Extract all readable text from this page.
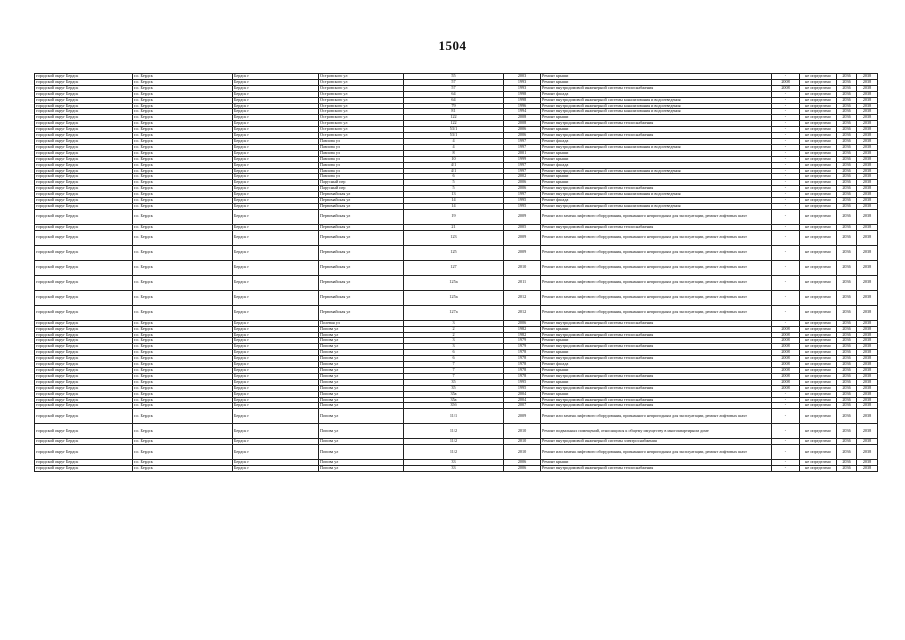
1504
городской округ Бердск	г.о. Бердск	Бердск г	Островского ул	55	2003	Ремонт крыши	-	не определено	2036	2038
городской округ Бердск	г.о. Бердск	Бердск г	Островского ул	57	1993	Ремонт крыши	2008	не определено	2036	2038
городской округ Бердск	г.о. Бердск	Бердск г	Островского ул	57	1993	Ремонт внутридомовой инженерной системы теплоснабжения	2008	не определено	2036	2038
городской округ Бердск	г.о. Бердск	Бердск г	Островского ул	64	1998	Ремонт фасада	-	не определено	2036	2038
городской округ Бердск	г.о. Бердск	Бердск г	Островского ул	64	1998	Ремонт внутридомовой инженерной системы канализования и водоотведения	-	не определено	2036	2038
городской округ Бердск	г.о. Бердск	Бердск г	Островского ул	79	1996	Ремонт внутридомовой инженерной системы канализования и водоотведения	-	не определено	2036	2038
городской округ Бердск	г.о. Бердск	Бердск г	Островского ул	81	1994	Ремонт внутридомовой инженерной системы канализования и водоотведения	-	не определено	2036	2038
городской округ Бердск	г.о. Бердск	Бердск г	Островского ул	122	2008	Ремонт крыши	-	не определено	2036	2038
городской округ Бердск	г.о. Бердск	Бердск г	Островского ул	122	2008	Ремонт внутридомовой инженерной системы теплоснабжения	-	не определено	2036	2038
городской округ Бердск	г.о. Бердск	Бердск г	Островского ул	53/1	2006	Ремонт крыши	-	не определено	2036	2038
городской округ Бердск	г.о. Бердск	Бердск г	Островского ул	53/1	2006	Ремонт внутридомовой инженерной системы теплоснабжения	-	не определено	2036	2038
городской округ Бердск	г.о. Бердск	Бердск г	Павлова ул	4	1997	Ремонт фасада	-	не определено	2036	2038
городской округ Бердск	г.о. Бердск	Бердск г	Павлова ул	4	1997	Ремонт внутридомовой инженерной системы канализования и водоотведения	-	не определено	2036	2038
городской округ Бердск	г.о. Бердск	Бердск г	Павлова ул	8	2001	Ремонт крыши	-	не определено	2036	2038
городской округ Бердск	г.о. Бердск	Бердск г	Павлова ул	10	1999	Ремонт крыши	-	не определено	2036	2038
городской округ Бердск	г.о. Бердск	Бердск г	Павлова ул	4/1	1997	Ремонт фасада	-	не определено	2036	2038
городской округ Бердск	г.о. Бердск	Бердск г	Павлова ул	4/1	1997	Ремонт внутридомовой инженерной системы канализования и водоотведения	-	не определено	2036	2038
городской округ Бердск	г.о. Бердск	Бердск г	Павлова ул	6	2002	Ремонт крыши	-	не определено	2036	2038
городской округ Бердск	г.о. Бердск	Бердск г	Парусный пер	5	2006	Ремонт крыши	-	не определено	2036	2038
городской округ Бердск	г.о. Бердск	Бердск г	Парусный пер	5	2006	Ремонт внутридомовой инженерной системы теплоснабжения	-	не определено	2036	2038
городской округ Бердск	г.о. Бердск	Бердск г	Первомайская ул	13	1997	Ремонт внутридомовой инженерной системы канализования и водоотведения	-	не определено	2036	2038
городской округ Бердск	г.о. Бердск	Бердск г	Первомайская ул	14	1995	Ремонт фасада	-	не определено	2036	2038
городской округ Бердск	г.о. Бердск	Бердск г	Первомайская ул	14	1995	Ремонт внутридомовой инженерной системы канализования и водоотведения	-	не определено	2036	2038
городской округ Бердск	г.о. Бердск	Бердск г	Первомайская ул	19	2009	Ремонт или замена лифтового оборудования, признанного непригодным для эксплуатации, ремонт лифтовых шахт	-	не определено	2036	2038
городской округ Бердск	г.о. Бердск	Бердск г	Первомайская ул	21	2005	Ремонт внутридомовой инженерной системы теплоснабжения	-	не определено	2036	2038
городской округ Бердск	г.о. Бердск	Бердск г	Первомайская ул	123	2009	Ремонт или замена лифтового оборудования, признанного непригодным для эксплуатации, ремонт лифтовых шахт	-	не определено	2036	2038
городской округ Бердск	г.о. Бердск	Бердск г	Первомайская ул	125	2009	Ремонт или замена лифтового оборудования, признанного непригодным для эксплуатации, ремонт лифтовых шахт	-	не определено	2036	2038
городской округ Бердск	г.о. Бердск	Бердск г	Первомайская ул	127	2010	Ремонт или замена лифтового оборудования, признанного непригодным для эксплуатации, ремонт лифтовых шахт	-	не определено	2036	2038
городской округ Бердск	г.о. Бердск	Бердск г	Первомайская ул	125а	2011	Ремонт или замена лифтового оборудования, признанного непригодным для эксплуатации, ремонт лифтовых шахт	-	не определено	2036	2038
городской округ Бердск	г.о. Бердск	Бердск г	Первомайская ул	125а	2012	Ремонт или замена лифтового оборудования, признанного непригодным для эксплуатации, ремонт лифтовых шахт	-	не определено	2036	2038
городской округ Бердск	г.о. Бердск	Бердск г	Первомайская ул	127а	2012	Ремонт или замена лифтового оборудования, признанного непригодным для эксплуатации, ремонт лифтовых шахт	-	не определено	2036	2038
городской округ Бердск	г.о. Бердск	Бердск г	Полевая ул	3	2006	Ремонт внутридомовой инженерной системы теплоснабжения	-	не определено	2036	2038
городской округ Бердск	г.о. Бердск	Бердск г	Попова ул	2	1982	Ремонт крыши	2008	не определено	2036	2038
городской округ Бердск	г.о. Бердск	Бердск г	Попова ул	2	1982	Ремонт внутридомовой инженерной системы теплоснабжения	2008	не определено	2036	2038
городской округ Бердск	г.о. Бердск	Бердск г	Попова ул	3	1979	Ремонт крыши	2008	не определено	2036	2038
городской округ Бердск	г.о. Бердск	Бердск г	Попова ул	3	1979	Ремонт внутридомовой инженерной системы теплоснабжения	2008	не определено	2036	2038
городской округ Бердск	г.о. Бердск	Бердск г	Попова ул	6	1978	Ремонт крыши	2008	не определено	2036	2038
городской округ Бердск	г.о. Бердск	Бердск г	Попова ул	6	1978	Ремонт внутридомовой инженерной системы теплоснабжения	2008	не определено	2036	2038
городской округ Бердск	г.о. Бердск	Бердск г	Попова ул	7	1978	Ремонт фасада	2008	не определено	2036	2038
городской округ Бердск	г.о. Бердск	Бердск г	Попова ул	7	1978	Ремонт крыши	2008	не определено	2036	2038
городской округ Бердск	г.о. Бердск	Бердск г	Попова ул	7	1978	Ремонт внутридомовой инженерной системы теплоснабжения	2008	не определено	2036	2038
городской округ Бердск	г.о. Бердск	Бердск г	Попова ул	35	1995	Ремонт крыши	2008	не определено	2036	2038
городской округ Бердск	г.о. Бердск	Бердск г	Попова ул	35	1995	Ремонт внутридомовой инженерной системы теплоснабжения	2008	не определено	2036	2038
городской округ Бердск	г.о. Бердск	Бердск г	Попова ул	35а	2004	Ремонт крыши	-	не определено	2036	2038
городской округ Бердск	г.о. Бердск	Бердск г	Попова ул	35а	2004	Ремонт внутридомовой инженерной системы теплоснабжения	-	не определено	2036	2038
городской округ Бердск	г.о. Бердск	Бердск г	Попова ул	35б	2007	Ремонт внутридомовой инженерной системы теплоснабжения	-	не определено	2036	2038
городской округ Бердск	г.о. Бердск	Бердск г	Попова ул	11/1	2009	Ремонт или замена лифтового оборудования, признанного непригодным для эксплуатации, ремонт лифтовых шахт	-	не определено	2036	2038
городской округ Бердск	г.о. Бердск	Бердск г	Попова ул	11/2	2010	Ремонт подвальных помещений, относящихся к общему имуществу в многоквартирном доме	-	не определено	2036	2038
городской округ Бердск	г.о. Бердск	Бердск г	Попова ул	11/2	2010	Ремонт внутридомовой инженерной системы электроснабжения	-	не определено	2036	2038
городской округ Бердск	г.о. Бердск	Бердск г	Попова ул	11/2	2010	Ремонт или замена лифтового оборудования, признанного непригодным для эксплуатации, ремонт лифтовых шахт	-	не определено	2036	2038
городской округ Бердск	г.о. Бердск	Бердск г	Попова ул	33	2006	Ремонт крыши	-	не определено	2036	2038
городской округ Бердск	г.о. Бердск	Бердск г	Попова ул	33	2006	Ремонт внутридомовой инженерной системы теплоснабжения	-	не определено	2036	2038
